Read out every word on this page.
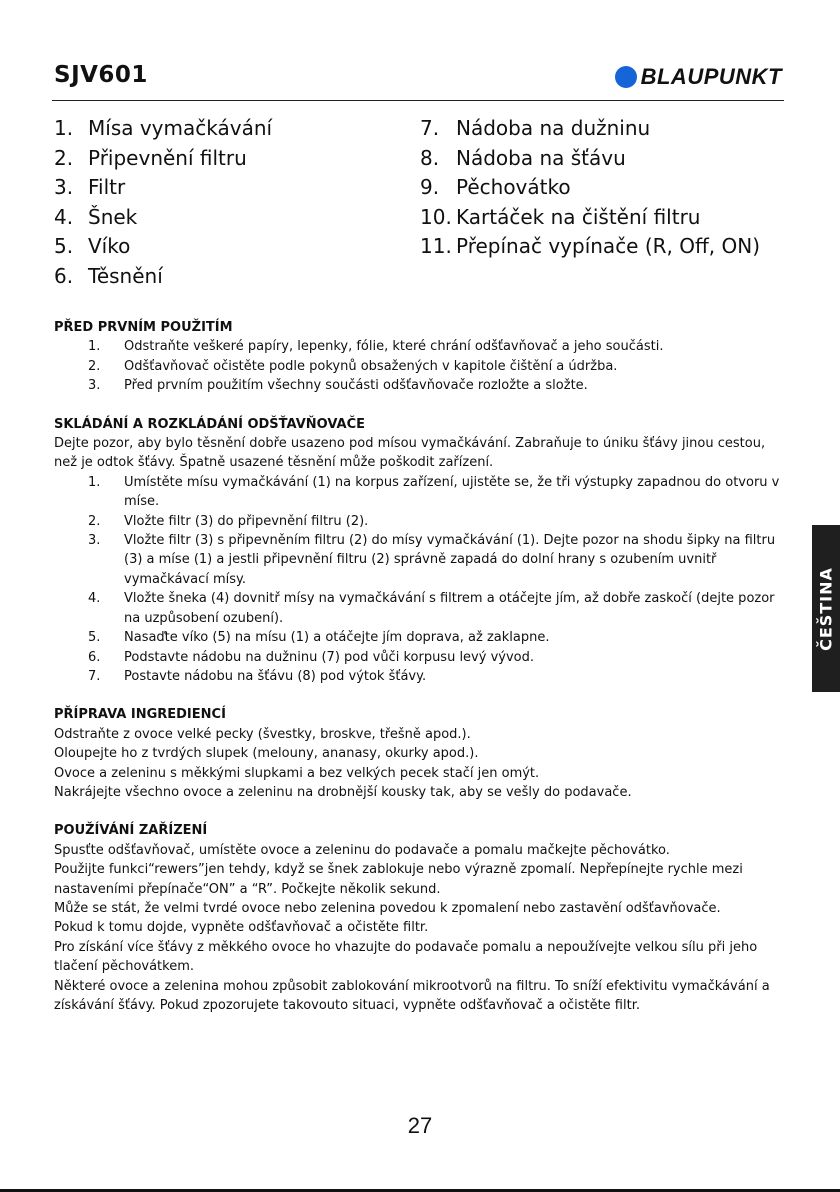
SJV601	BLAUPUNKT
1. Mísa vymačkávání
2. Připevnění filtru
3. Filtr
4. Šnek
5. Víko
6. Těsnění
7. Nádoba na dužninu
8. Nádoba na šťávu
9. Pěchovátko
10. Kartáček na čištění filtru
11. Přepínač vypínače (R, Off, ON)
PŘED PRVNÍM POUŽITÍM
1. Odstraňte veškeré papíry, lepenky, fólie, které chrání odšťavňovač a jeho součásti.
2. Odšťavňovač očistěte podle pokynů obsažených v kapitole čištění a údržba.
3. Před prvním použitím všechny součásti odšťavňovače rozložte a složte.
SKLÁDÁNÍ A ROZKLÁDÁNÍ ODŠŤAVŇOVAČE

Dejte pozor, aby bylo těsnění dobře usazeno pod mísou vymačkávání. Zabraňuje to úniku šťávy jinou cestou, než je odtok šťávy. Špatně usazené těsnění může poškodit zařízení.

1. Umístěte mísu vymačkávání (1) na korpus zařízení, ujistěte se, že tři výstupky zapadnou do otvoru v míse.
2. Vložte filtr (3) do připevnění filtru (2).
3. Vložte filtr (3) s připevněním filtru (2) do mísy vymačkávání (1). Dejte pozor na shodu šipky na filtru (3) a míse (1) a jestli připevnění filtru (2) správně zapadá do dolní hrany s ozubením uvnitř vymačkávací mísy.
4. Vložte šneka (4) dovnitř mísy na vymačkávání s filtrem a otáčejte jím, až dobře zaskočí (dejte pozor na uzpůsobení ozubení).
5. Nasaďte víko (5) na mísu (1) a otáčejte jím doprava, až zaklapne.
6. Podstavte nádobu na dužninu (7) pod vůči korpusu levý vývod.
7. Postavte nádobu na šťávu (8) pod výtok šťávy.
PŘÍPRAVA INGREDIENCÍ

Odstraňte z ovoce velké pecky (švestky, broskve, třešně apod.).

Oloupejte ho z tvrdých slupek (melouny, ananasy, okurky apod.).

Ovoce a zeleninu s měkkými slupkami a bez velkých pecek stačí jen omýt.

Nakrájejte všechno ovoce a zeleninu na drobnější kousky tak, aby se vešly do podavače.

POUŽÍVÁNÍ ZAŘÍZENÍ

Spusťte odšťavňovač, umístěte ovoce a zeleninu do podavače a pomalu mačkejte pěchovátko.

Použijte funkci“rewers”jen tehdy, když se šnek zablokuje nebo výrazně zpomalí. Nepřepínejte rychle mezi nastaveními přepínače“ON” a “R”. Počkejte několik sekund.

Může se stát, že velmi tvrdé ovoce nebo zelenina povedou k zpomalení nebo zastavění odšťavňovače.

Pokud k tomu dojde, vypněte odšťavňovač a očistěte filtr.

Pro získání více šťávy z měkkého ovoce ho vhazujte do podavače pomalu a nepoužívejte velkou sílu při jeho tlačení pěchovátkem.

Některé ovoce a zelenina mohou způsobit zablokování mikrootvorů na filtru. To sníží efektivitu vymačkávání a získávání šťávy. Pokud zpozorujete takovouto situaci, vypněte odšťavňovač a očistěte filtr.

ČEŠTINA
27
